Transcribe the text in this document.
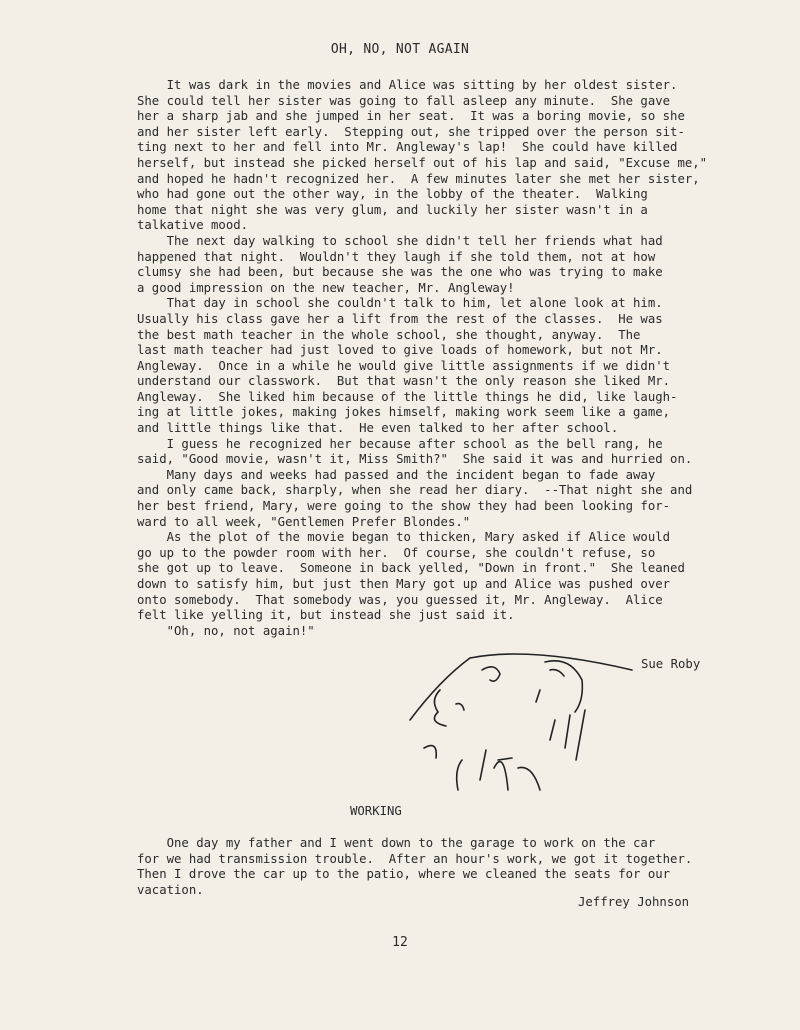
OH, NO, NOT AGAIN
It was dark in the movies and Alice was sitting by her oldest sister.
She could tell her sister was going to fall asleep any minute.  She gave
her a sharp jab and she jumped in her seat.  It was a boring movie, so she
and her sister left early.  Stepping out, she tripped over the person sit-
ting next to her and fell into Mr. Angleway's lap!  She could have killed
herself, but instead she picked herself out of his lap and said, "Excuse me,"
and hoped he hadn't recognized her.  A few minutes later she met her sister,
who had gone out the other way, in the lobby of the theater.  Walking
home that night she was very glum, and luckily her sister wasn't in a
talkative mood.
The next day walking to school she didn't tell her friends what had
happened that night.  Wouldn't they laugh if she told them, not at how
clumsy she had been, but because she was the one who was trying to make
a good impression on the new teacher, Mr. Angleway!
That day in school she couldn't talk to him, let alone look at him.
Usually his class gave her a lift from the rest of the classes.  He was
the best math teacher in the whole school, she thought, anyway.  The
last math teacher had just loved to give loads of homework, but not Mr.
Angleway.  Once in a while he would give little assignments if we didn't
understand our classwork.  But that wasn't the only reason she liked Mr.
Angleway.  She liked him because of the little things he did, like laugh-
ing at little jokes, making jokes himself, making work seem like a game,
and little things like that.  He even talked to her after school.
I guess he recognized her because after school as the bell rang, he
said, "Good movie, wasn't it, Miss Smith?"  She said it was and hurried on.
Many days and weeks had passed and the incident began to fade away
and only came back, sharply, when she read her diary.  --That night she and
her best friend, Mary, were going to the show they had been looking for-
ward to all week, "Gentlemen Prefer Blondes."
As the plot of the movie began to thicken, Mary asked if Alice would
go up to the powder room with her.  Of course, she couldn't refuse, so
she got up to leave.  Someone in back yelled, "Down in front."  She leaned
down to satisfy him, but just then Mary got up and Alice was pushed over
onto somebody.  That somebody was, you guessed it, Mr. Angleway.  Alice
felt like yelling it, but instead she just said it.
"Oh, no, not again!"
Sue Roby
WORKING
One day my father and I went down to the garage to work on the car
for we had transmission trouble.  After an hour's work, we got it together.
Then I drove the car up to the patio, where we cleaned the seats for our
vacation.
Jeffrey Johnson
12
